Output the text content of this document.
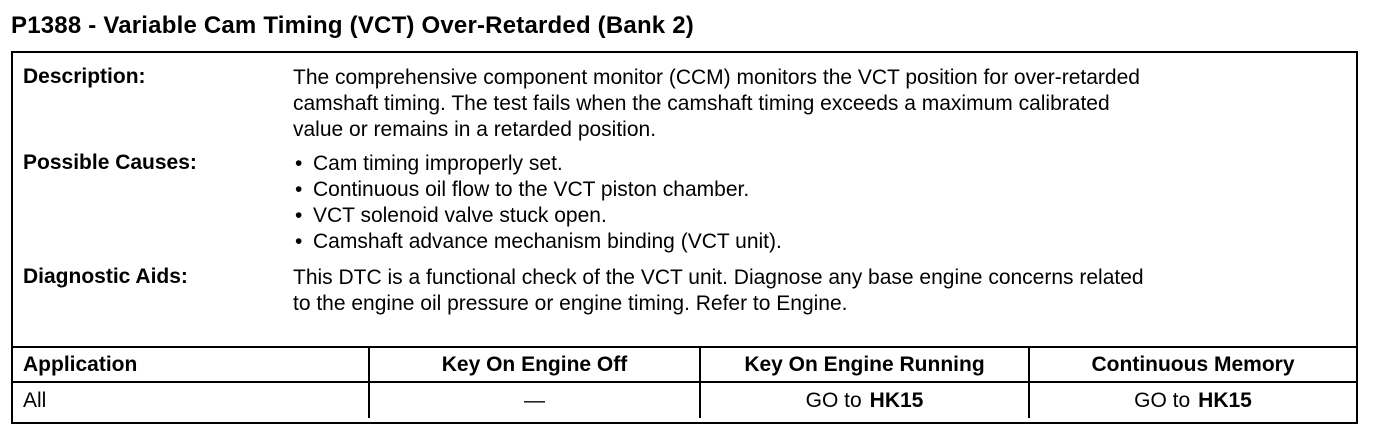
P1388 - Variable Cam Timing (VCT) Over-Retarded (Bank 2)
Description:	The comprehensive component monitor (CCM) monitors the VCT position for over-retarded
camshaft timing. The test fails when the camshaft timing exceeds a maximum calibrated
value or remains in a retarded position.
Possible Causes:	• Cam timing improperly set.
• Continuous oil flow to the VCT piston chamber.
• VCT solenoid valve stuck open.
• Camshaft advance mechanism binding (VCT unit).
Diagnostic Aids:	This DTC is a functional check of the VCT unit. Diagnose any base engine concerns related
to the engine oil pressure or engine timing. Refer to Engine.
Application	Key On Engine Off	Key On Engine Running	Continuous Memory
All	—	GO to HK15	GO to HK15
